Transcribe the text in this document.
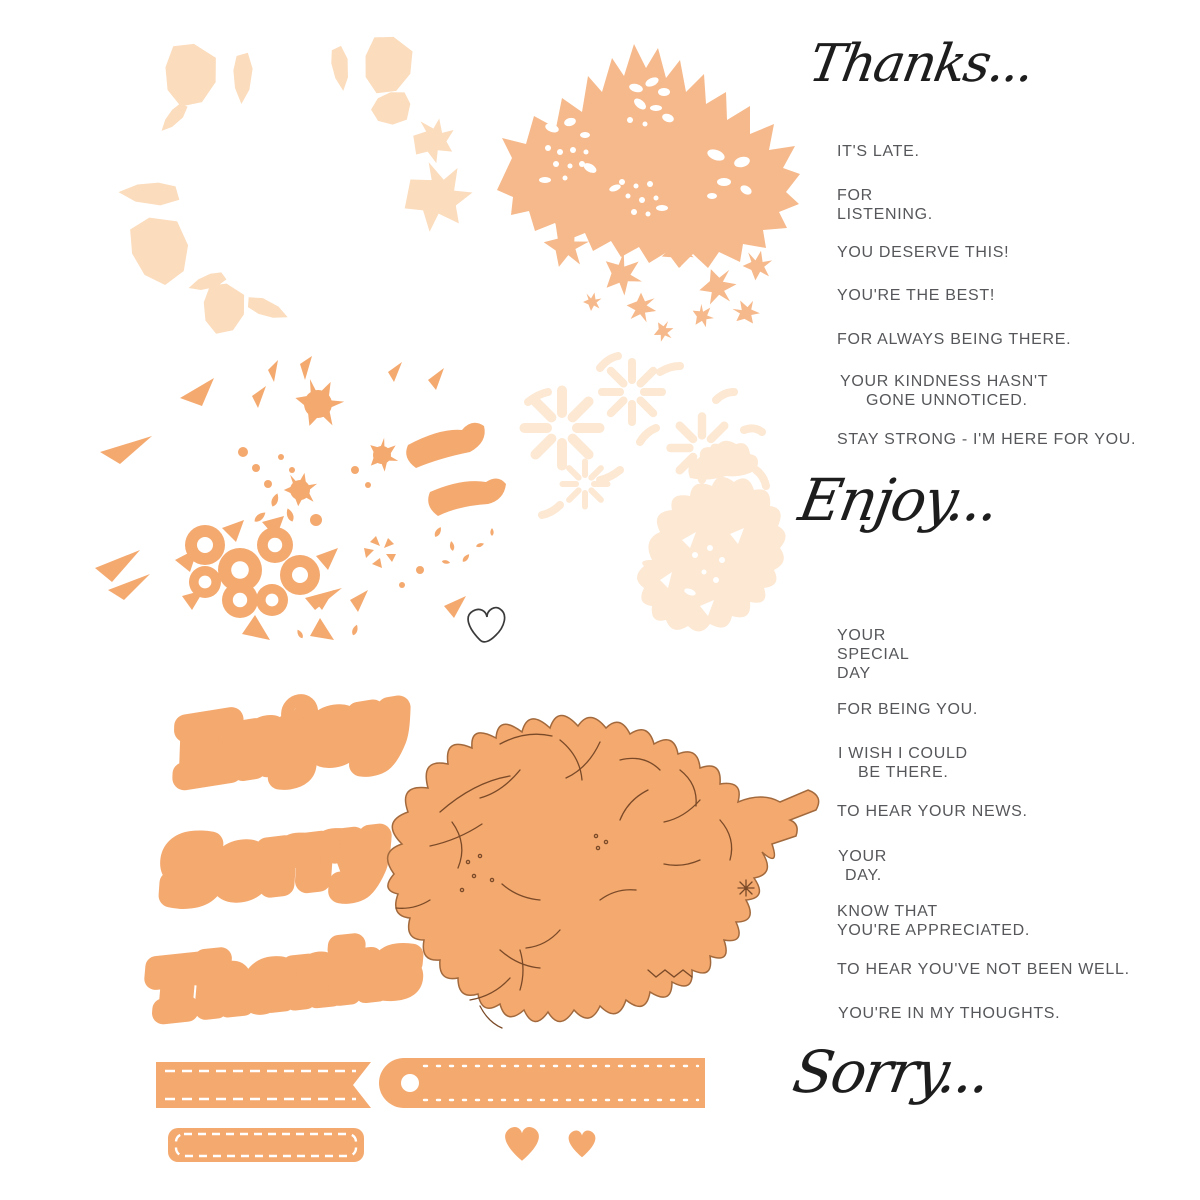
Enjoy
Sorry
Thanks
Thanks...
IT'S LATE.
FOR
LISTENING.
YOU DESERVE THIS!
YOU'RE THE BEST!
FOR ALWAYS BEING THERE.
YOUR KINDNESS HASN'T
GONE UNNOTICED.
STAY STRONG - I'M HERE FOR YOU.
Enjoy...
YOUR
SPECIAL
DAY
FOR BEING YOU.
I WISH I COULD
BE THERE.
TO HEAR YOUR NEWS.
YOUR
DAY.
KNOW THAT
YOU'RE APPRECIATED.
TO HEAR YOU'VE NOT BEEN WELL.
YOU'RE IN MY THOUGHTS.
Sorry...
